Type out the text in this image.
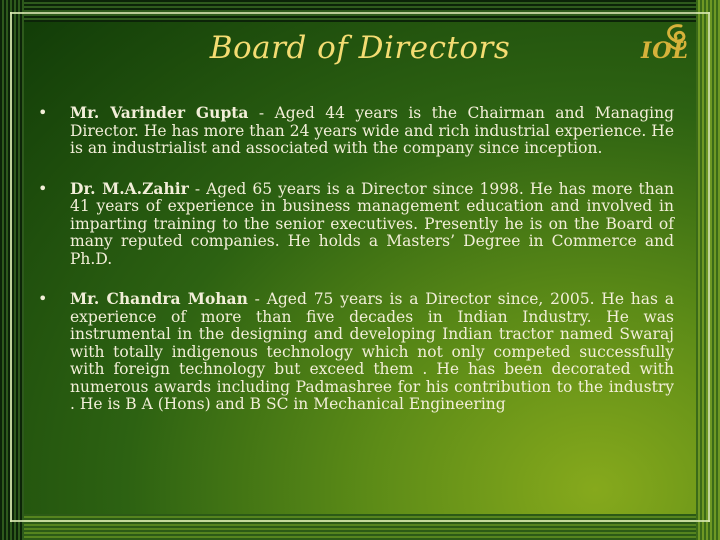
Board of Directors	IOL
• Mr. Varinder Gupta - Aged 44 years is the Chairman and Managing Director. He has more than 24 years wide and rich industrial experience. He is an industrialist and associated with the company since inception.
• Dr. M.A.Zahir - Aged 65 years is a Director since 1998. He has more than 41 years of experience in business management education and involved in imparting training to the senior executives. Presently he is on the Board of many reputed companies. He holds a Masters’ Degree in Commerce and Ph.D.
• Mr. Chandra Mohan - Aged 75 years is a Director since, 2005. He has a experience of more than five decades in Indian Industry. He was instrumental in the designing and developing Indian tractor named Swaraj with totally indigenous technology which not only competed successfully with foreign technology but exceed them . He has been decorated with numerous awards including Padmashree for his contribution to the industry . He is B A (Hons) and B SC in Mechanical Engineering
